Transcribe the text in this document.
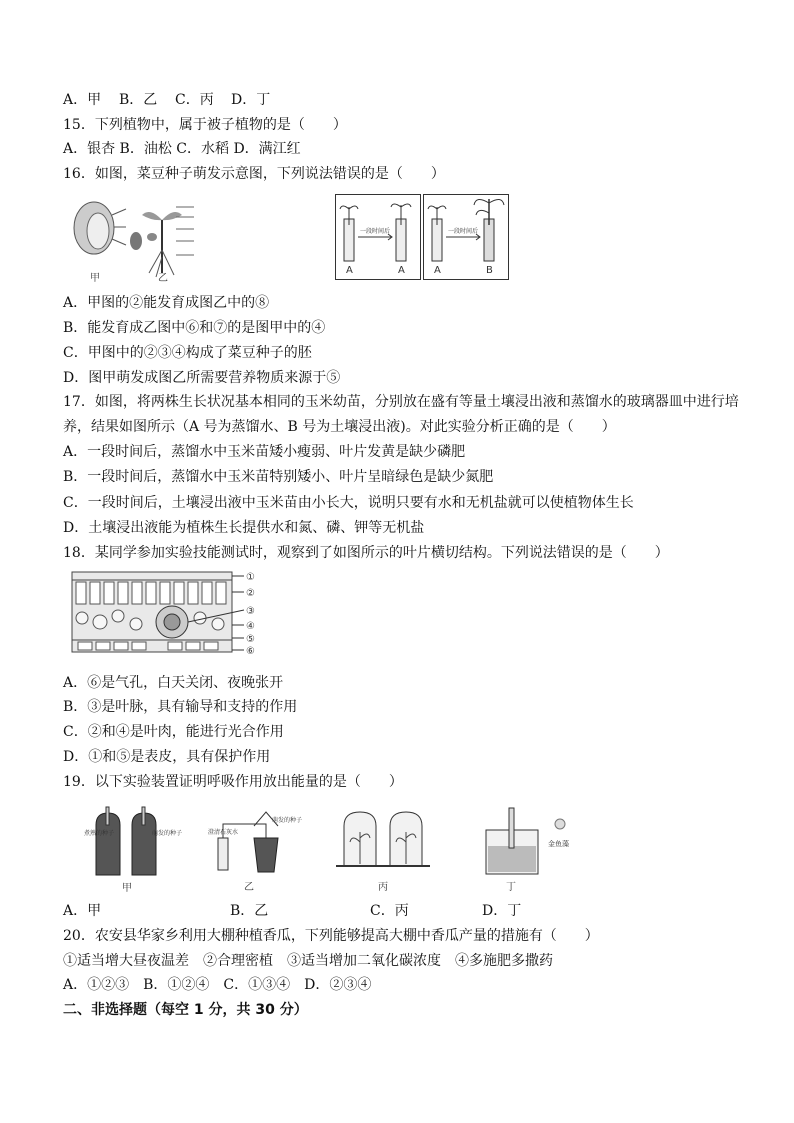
A．甲 B．乙 C．丙 D．丁
15．下列植物中，属于被子植物的是（　　）
A．银杏 B．油松 C．水稻 D．满江红
16．如图，菜豆种子萌发示意图，下列说法错误的是（　　）
甲	乙
一段时间后
A	A
一段时间后
A	B
A．甲图的②能发育成图乙中的⑧
B．能发育成乙图中⑥和⑦的是图甲中的④
C．甲图中的②③④构成了菜豆种子的胚
D．图甲萌发成图乙所需要营养物质来源于⑤
17．如图，将两株生长状况基本相同的玉米幼苗，分别放在盛有等量土壤浸出液和蒸馏水的玻璃器皿中进行培
养，结果如图所示（A 号为蒸馏水、B 号为土壤浸出液)。对此实验分析正确的是（　　）
A．一段时间后，蒸馏水中玉米苗矮小瘦弱、叶片发黄是缺少磷肥
B．一段时间后，蒸馏水中玉米苗特别矮小、叶片呈暗绿色是缺少氮肥
C．一段时间后，土壤浸出液中玉米苗由小长大，说明只要有水和无机盐就可以使植物体生长
D．土壤浸出液能为植株生长提供水和氮、磷、钾等无机盐
18．某同学参加实验技能测试时，观察到了如图所示的叶片横切结构。下列说法错误的是（　　）
①
②
③
④
⑤
⑥
A．⑥是气孔，白天关闭、夜晚张开
B．③是叶脉，具有输导和支持的作用
C．②和④是叶肉，能进行光合作用
D．①和⑤是表皮，具有保护作用
19．以下实验装置证明呼吸作用放出能量的是（　　）
煮熟的种子	萌发的种子
甲
澄清石灰水
萌发的种子
乙	丙
金鱼藻
丁
A．甲	B．乙	C．丙	D．丁
20．农安县华家乡利用大棚种植香瓜，下列能够提高大棚中香瓜产量的措施有（　　）
①适当增大昼夜温差　②合理密植　③适当增加二氧化碳浓度　④多施肥多撒药
A．①②③　B．①②④　C．①③④　D．②③④
二、非选择题（每空 1 分，共 30 分）
